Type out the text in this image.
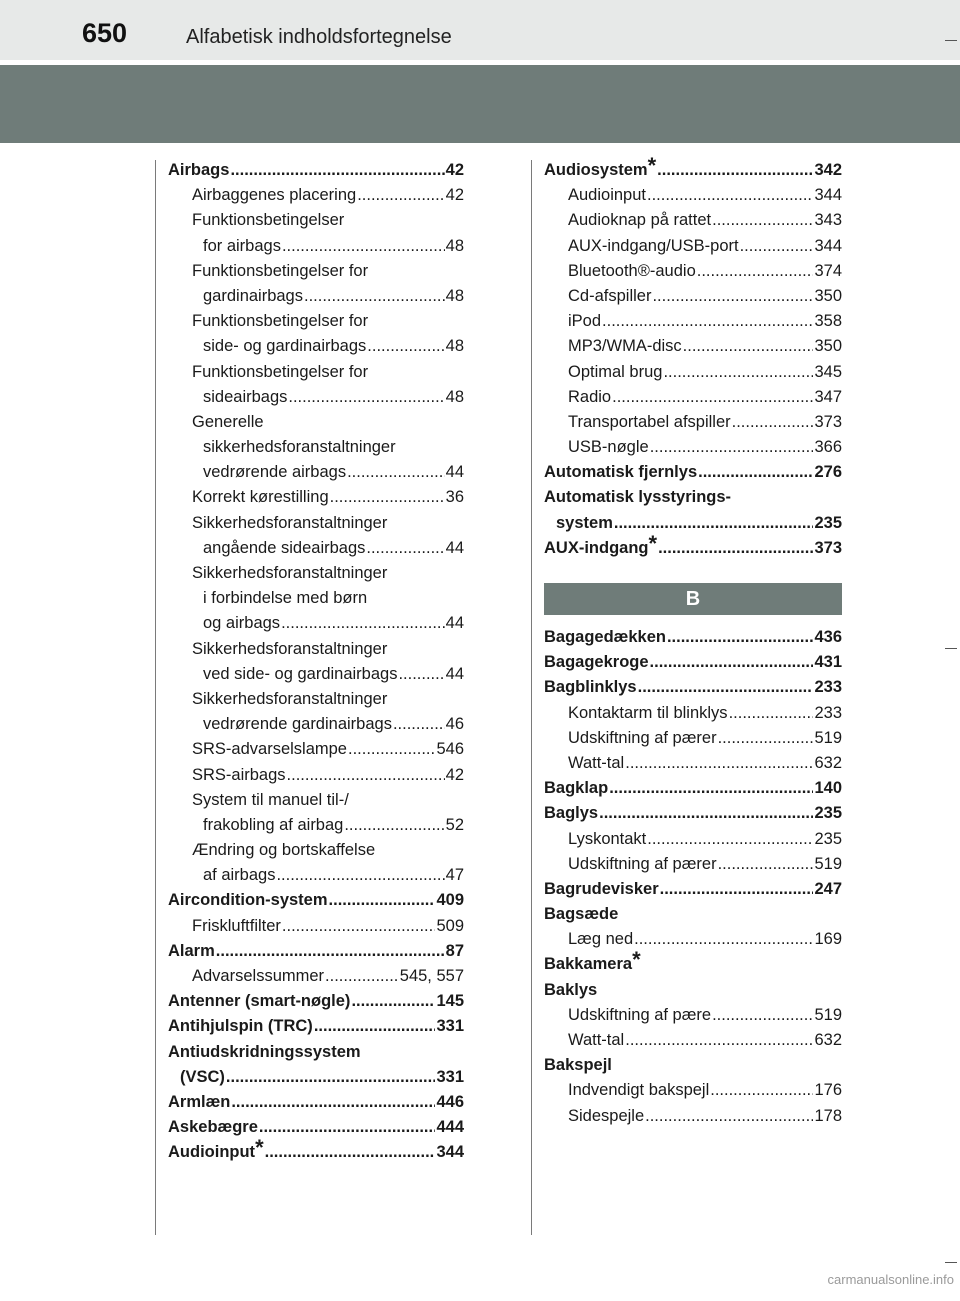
650	Alfabetisk indholdsfortegnelse
Airbags .....	42
Airbaggenes placering .....	42
Funktionsbetingelser
for airbags .....	48
Funktionsbetingelser for
gardinairbags .....	48
Funktionsbetingelser for
side- og gardinairbags .....	48
Funktionsbetingelser for
sideairbags .....	48
Generelle
sikkerhedsforanstaltninger
vedrørende airbags .....	44
Korrekt kørestilling .....	36
Sikkerhedsforanstaltninger
angående sideairbags .....	44
Sikkerhedsforanstaltninger
i forbindelse med børn
og airbags .....	44
Sikkerhedsforanstaltninger
ved side- og gardinairbags .....	44
Sikkerhedsforanstaltninger
vedrørende gardinairbags .....	46
SRS-advarselslampe .....	546
SRS-airbags .....	42
System til manuel til-/
frakobling af airbag .....	52
Ændring og bortskaffelse
af airbags .....	47
Aircondition-system .....	409
Friskluftfilter .....	509
Alarm .....	87
Advarselssummer .....	545, 557
Antenner (smart-nøgle) .....	145
Antihjulspin (TRC) .....	331
Antiudskridningssystem
(VSC) .....	331
Armlæn .....	446
Askebægre .....	444
Audioinput * .....	344
Audiosystem * .....	342
Audioinput .....	344
Audioknap på rattet .....	343
AUX-indgang/USB-port .....	344
Bluetooth®-audio .....	374
Cd-afspiller .....	350
iPod .....	358
MP3/WMA-disc .....	350
Optimal brug .....	345
Radio .....	347
Transportabel afspiller .....	373
USB-nøgle .....	366
Automatisk fjernlys .....	276
Automatisk lysstyrings-
system .....	235
AUX-indgang * .....	373
B
Bagagedækken .....	436
Bagagekroge .....	431
Bagblinklys .....	233
Kontaktarm til blinklys .....	233
Udskiftning af pærer .....	519
Watt-tal .....	632
Bagklap .....	140
Baglys .....	235
Lyskontakt .....	235
Udskiftning af pærer .....	519
Bagrudevisker .....	247
Bagsæde
Læg ned .....	169
Bakkamera *
Baklys
Udskiftning af pære .....	519
Watt-tal .....	632
Bakspejl
Indvendigt bakspejl .....	176
Sidespejle .....	178
carmanualsonline.info
